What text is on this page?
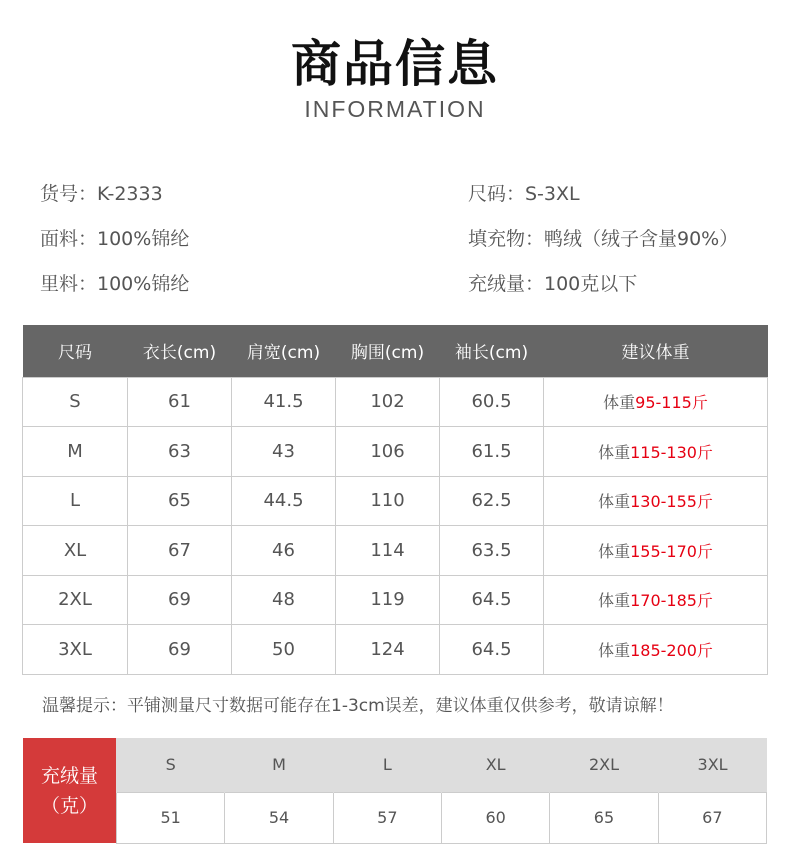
商品信息
INFORMATION
货号：K-2333	尺码：S-3XL
面料：100%锦纶	填充物：鸭绒（绒子含量90%）
里料：100%锦纶	充绒量：100克以下
尺码	衣长(cm)	肩宽(cm)	胸围(cm)	袖长(cm)	建议体重
S	61	41.5	102	60.5	体重95-115斤
M	63	43	106	61.5	体重115-130斤
L	65	44.5	110	62.5	体重130-155斤
XL	67	46	114	63.5	体重155-170斤
2XL	69	48	119	64.5	体重170-185斤
3XL	69	50	124	64.5	体重185-200斤
温馨提示：平铺测量尺寸数据可能存在1-3cm误差，建议体重仅供参考，敬请谅解！
充绒量
（克）
S	M	L	XL	2XL	3XL
51	54	57	60	65	67
